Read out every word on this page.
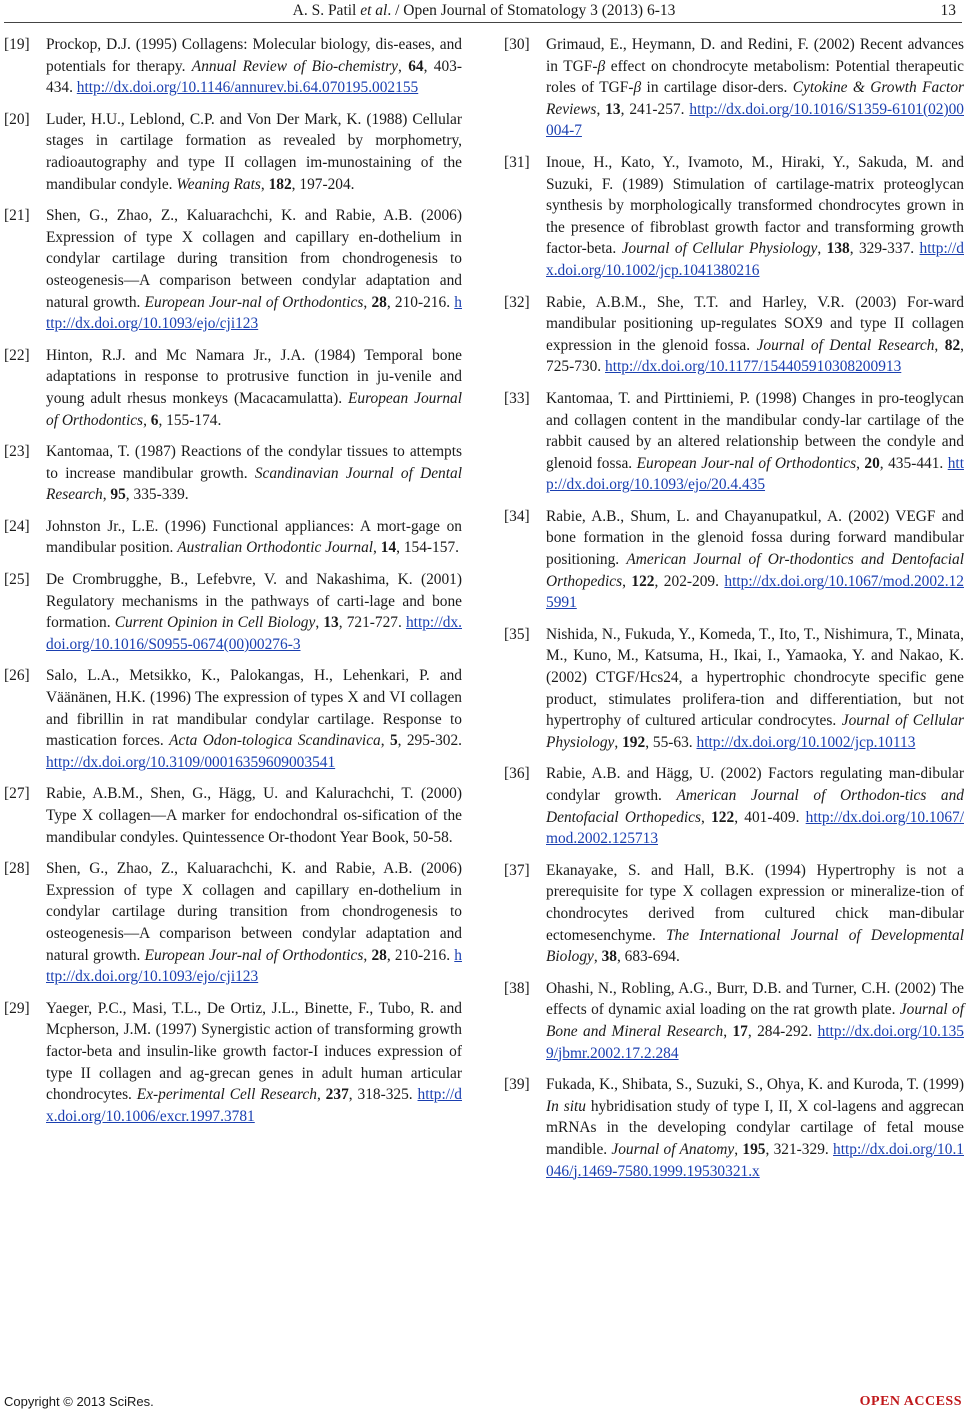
A. S. Patil et al. / Open Journal of Stomatology 3 (2013) 6-13	13
[19]	Prockop, D.J. (1995) Collagens: Molecular biology, dis-eases, and potentials for therapy. Annual Review of Bio-chemistry, 64, 403-434. http://dx.doi.org/10.1146/annurev.bi.64.070195.002155
[20]	Luder, H.U., Leblond, C.P. and Von Der Mark, K. (1988) Cellular stages in cartilage formation as revealed by morphometry, radioautography and type II collagen im-munostaining of the mandibular condyle. Weaning Rats, 182, 197-204.
[21]	Shen, G., Zhao, Z., Kaluarachchi, K. and Rabie, A.B. (2006) Expression of type X collagen and capillary en-dothelium in condylar cartilage during transition from chondrogenesis to osteogenesis—A comparison between condylar adaptation and natural growth. European Jour-nal of Orthodontics, 28, 210-216. http://dx.doi.org/10.1093/ejo/cji123
[22]	Hinton, R.J. and Mc Namara Jr., J.A. (1984) Temporal bone adaptations in response to protrusive function in ju-venile and young adult rhesus monkeys (Macacamulatta). European Journal of Orthodontics, 6, 155-174.
[23]	Kantomaa, T. (1987) Reactions of the condylar tissues to attempts to increase mandibular growth. Scandinavian Journal of Dental Research, 95, 335-339.
[24]	Johnston Jr., L.E. (1996) Functional appliances: A mort-gage on mandibular position. Australian Orthodontic Journal, 14, 154-157.
[25]	De Crombrugghe, B., Lefebvre, V. and Nakashima, K. (2001) Regulatory mechanisms in the pathways of carti-lage and bone formation. Current Opinion in Cell Biology, 13, 721-727. http://dx.doi.org/10.1016/S0955-0674(00)00276-3
[26]	Salo, L.A., Metsikko, K., Palokangas, H., Lehenkari, P. and Väänänen, H.K. (1996) The expression of types X and VI collagen and fibrillin in rat mandibular condylar cartilage. Response to mastication forces. Acta Odon-tologica Scandinavica, 5, 295-302. http://dx.doi.org/10.3109/00016359609003541
[27]	Rabie, A.B.M., Shen, G., Hägg, U. and Kalurachchi, T. (2000) Type X collagen—A marker for endochondral os-sification of the mandibular condyles. Quintessence Or-thodont Year Book, 50-58.
[28]	Shen, G., Zhao, Z., Kaluarachchi, K. and Rabie, A.B. (2006) Expression of type X collagen and capillary en-dothelium in condylar cartilage during transition from chondrogenesis to osteogenesis—A comparison between condylar adaptation and natural growth. European Jour-nal of Orthodontics, 28, 210-216. http://dx.doi.org/10.1093/ejo/cji123
[29]	Yaeger, P.C., Masi, T.L., De Ortiz, J.L., Binette, F., Tubo, R. and Mcpherson, J.M. (1997) Synergistic action of transforming growth factor-beta and insulin-like growth factor-I induces expression of type II collagen and ag-grecan genes in adult human articular chondrocytes. Ex-perimental Cell Research, 237, 318-325. http://dx.doi.org/10.1006/excr.1997.3781
[30]	Grimaud, E., Heymann, D. and Redini, F. (2002) Recent advances in TGF-β effect on chondrocyte metabolism: Potential therapeutic roles of TGF-β in cartilage disor-ders. Cytokine & Growth Factor Reviews, 13, 241-257. http://dx.doi.org/10.1016/S1359-6101(02)00004-7
[31]	Inoue, H., Kato, Y., Ivamoto, M., Hiraki, Y., Sakuda, M. and Suzuki, F. (1989) Stimulation of cartilage-matrix proteoglycan synthesis by morphologically transformed chondrocytes grown in the presence of fibroblast growth factor and transforming growth factor-beta. Journal of Cellular Physiology, 138, 329-337. http://dx.doi.org/10.1002/jcp.1041380216
[32]	Rabie, A.B.M., She, T.T. and Harley, V.R. (2003) For-ward mandibular positioning up-regulates SOX9 and type II collagen expression in the glenoid fossa. Journal of Dental Research, 82, 725-730. http://dx.doi.org/10.1177/154405910308200913
[33]	Kantomaa, T. and Pirttiniemi, P. (1998) Changes in pro-teoglycan and collagen content in the mandibular condy-lar cartilage of the rabbit caused by an altered relationship between the condyle and glenoid fossa. European Jour-nal of Orthodontics, 20, 435-441. http://dx.doi.org/10.1093/ejo/20.4.435
[34]	Rabie, A.B., Shum, L. and Chayanupatkul, A. (2002) VEGF and bone formation in the glenoid fossa during forward mandibular positioning. American Journal of Or-thodontics and Dentofacial Orthopedics, 122, 202-209. http://dx.doi.org/10.1067/mod.2002.125991
[35]	Nishida, N., Fukuda, Y., Komeda, T., Ito, T., Nishimura, T., Minata, M., Kuno, M., Katsuma, H., Ikai, I., Yamaoka, Y. and Nakao, K. (2002) CTGF/Hcs24, a hypertrophic chondrocyte specific gene product, stimulates prolifera-tion and differentiation, but not hypertrophy of cultured articular condrocytes. Journal of Cellular Physiology, 192, 55-63. http://dx.doi.org/10.1002/jcp.10113
[36]	Rabie, A.B. and Hägg, U. (2002) Factors regulating man-dibular condylar growth. American Journal of Orthodon-tics and Dentofacial Orthopedics, 122, 401-409. http://dx.doi.org/10.1067/mod.2002.125713
[37]	Ekanayake, S. and Hall, B.K. (1994) Hypertrophy is not a prerequisite for type X collagen expression or mineralize-tion of chondrocytes derived from cultured chick man-dibular ectomesenchyme. The International Journal of Developmental Biology, 38, 683-694.
[38]	Ohashi, N., Robling, A.G., Burr, D.B. and Turner, C.H. (2002) The effects of dynamic axial loading on the rat growth plate. Journal of Bone and Mineral Research, 17, 284-292. http://dx.doi.org/10.1359/jbmr.2002.17.2.284
[39]	Fukada, K., Shibata, S., Suzuki, S., Ohya, K. and Kuroda, T. (1999) In situ hybridisation study of type I, II, X col-lagens and aggrecan mRNAs in the developing condylar cartilage of fetal mouse mandible. Journal of Anatomy, 195, 321-329. http://dx.doi.org/10.1046/j.1469-7580.1999.19530321.x
Copyright © 2013 SciRes.	OPEN ACCESS
